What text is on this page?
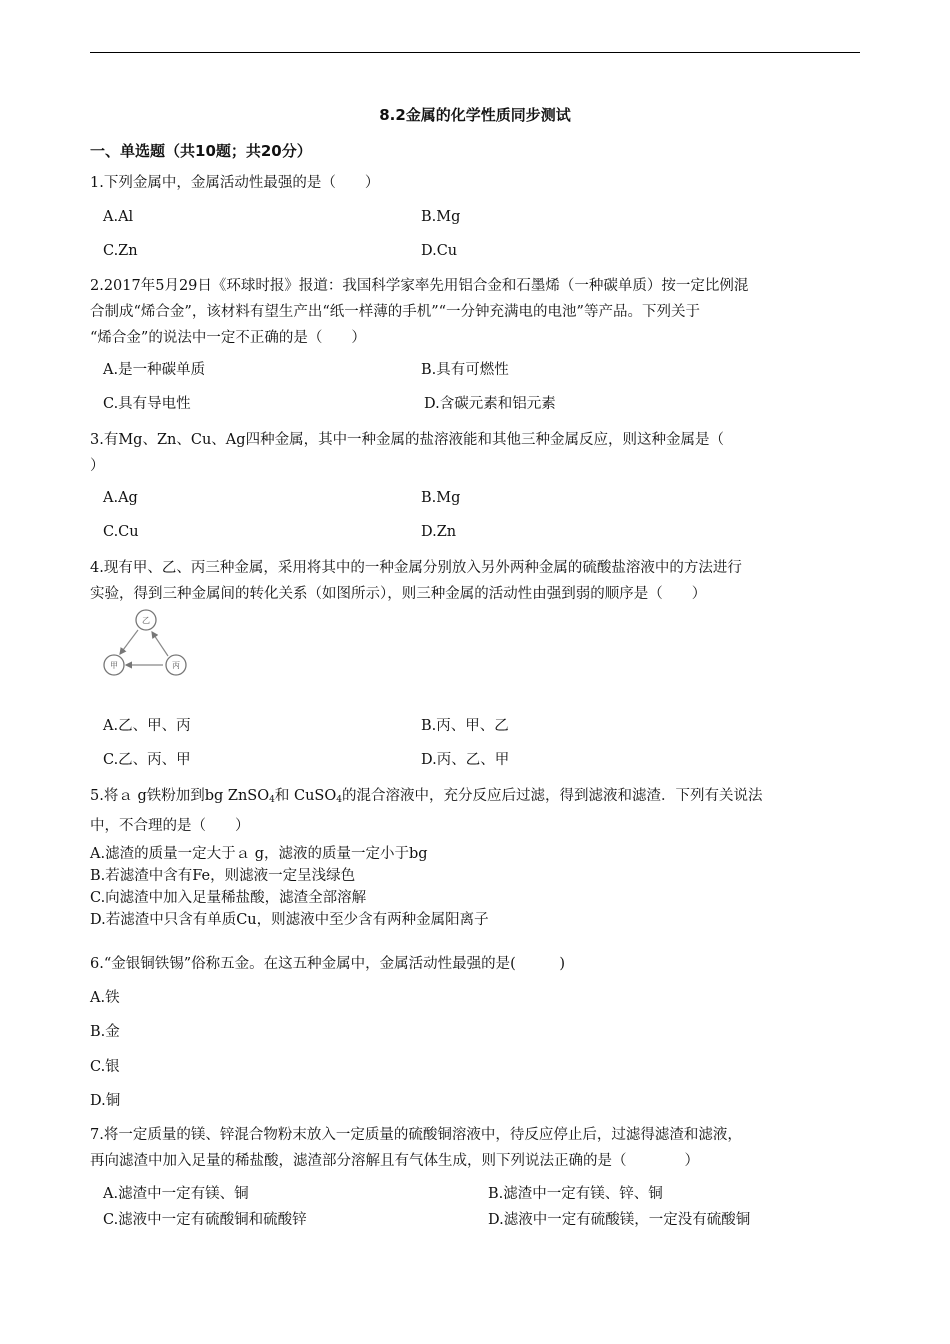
8.2金属的化学性质同步测试
一、单选题（共10题；共20分）
1.下列金属中，金属活动性最强的是（　　）
A.Al	B.Mg
C.Zn	D.Cu
2.2017年5月29日《环球时报》报道：我国科学家率先用铝合金和石墨烯（一种碳单质）按一定比例混
合制成“烯合金”，该材料有望生产出“纸一样薄的手机”“一分钟充满电的电池”等产品。下列关于
“烯合金”的说法中一定不正确的是（　　）
A.是一种碳单质	B.具有可燃性
C.具有导电性	D.含碳元素和铝元素
3.有Mg、Zn、Cu、Ag四种金属，其中一种金属的盐溶液能和其他三种金属反应，则这种金属是（
）
A.Ag	B.Mg
C.Cu	D.Zn
4.现有甲、乙、丙三种金属，采用将其中的一种金属分别放入另外两种金属的硫酸盐溶液中的方法进行
实验，得到三种金属间的转化关系（如图所示），则三种金属的活动性由强到弱的顺序是（　　）
乙
甲	丙
A.乙、甲、丙	B.丙、甲、乙
C.乙、丙、甲	D.丙、乙、甲
5.将ａ g铁粉加到bg ZnSO$_4$和 CuSO$_4$的混合溶液中，充分反应后过滤，得到滤液和滤渣．下列有关说法
中，不合理的是（　　）
A.滤渣的质量一定大于ａ g，滤液的质量一定小于bg
B.若滤渣中含有Fe，则滤液一定呈浅绿色
C.向滤渣中加入足量稀盐酸，滤渣全部溶解
D.若滤渣中只含有单质Cu，则滤液中至少含有两种金属阳离子
6.“金银铜铁锡”俗称五金。在这五种金属中，金属活动性最强的是(　　　)
A.铁
B.金
C.银
D.铜
7.将一定质量的镁、锌混合物粉末放入一定质量的硫酸铜溶液中，待反应停止后，过滤得滤渣和滤液，
再向滤渣中加入足量的稀盐酸，滤渣部分溶解且有气体生成，则下列说法正确的是（　　　　）
A.滤渣中一定有镁、铜	B.滤渣中一定有镁、锌、铜
C.滤液中一定有硫酸铜和硫酸锌	D.滤液中一定有硫酸镁，一定没有硫酸铜
